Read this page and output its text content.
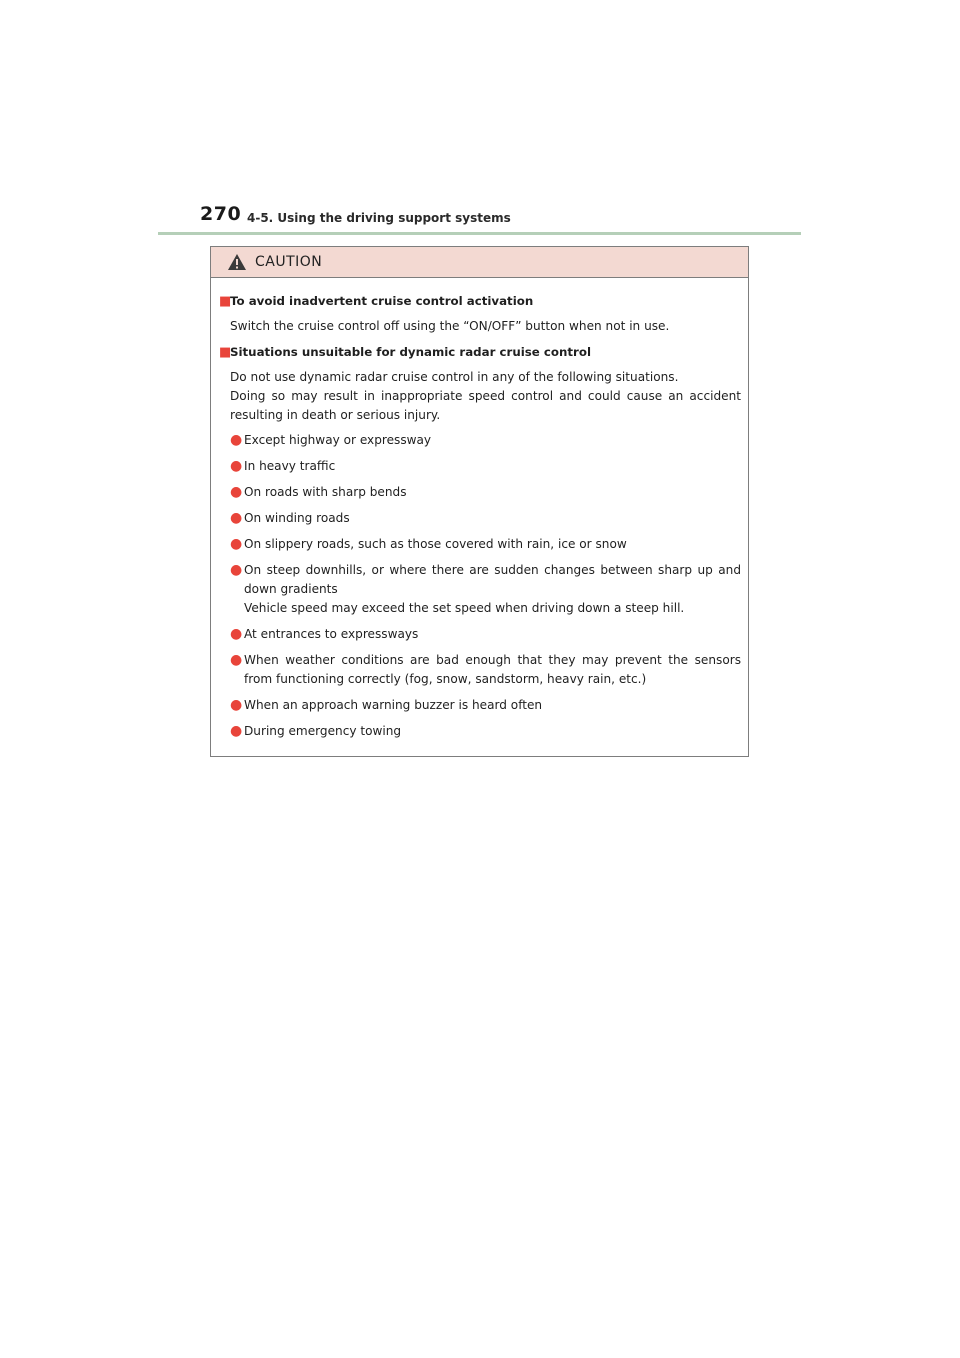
270 4-5. Using the driving support systems
CAUTION
■
To avoid inadvertent cruise control activation

Switch the cruise control off using the “ON/OFF” button when not in use.

■
Situations unsuitable for dynamic radar cruise control

Do not use dynamic radar cruise control in any of the following situations.

Doing so may result in inappropriate speed control and could cause an accident resulting in death or serious injury.

● Except highway or expressway
● In heavy traffic
● On roads with sharp bends
● On winding roads
● On slippery roads, such as those covered with rain, ice or snow
● On steep downhills, or where there are sudden changes between sharp up and down gradients
Vehicle speed may exceed the set speed when driving down a steep hill.
● At entrances to expressways
● When weather conditions are bad enough that they may prevent the sensors from functioning correctly (fog, snow, sandstorm, heavy rain, etc.)
● When an approach warning buzzer is heard often
● During emergency towing
